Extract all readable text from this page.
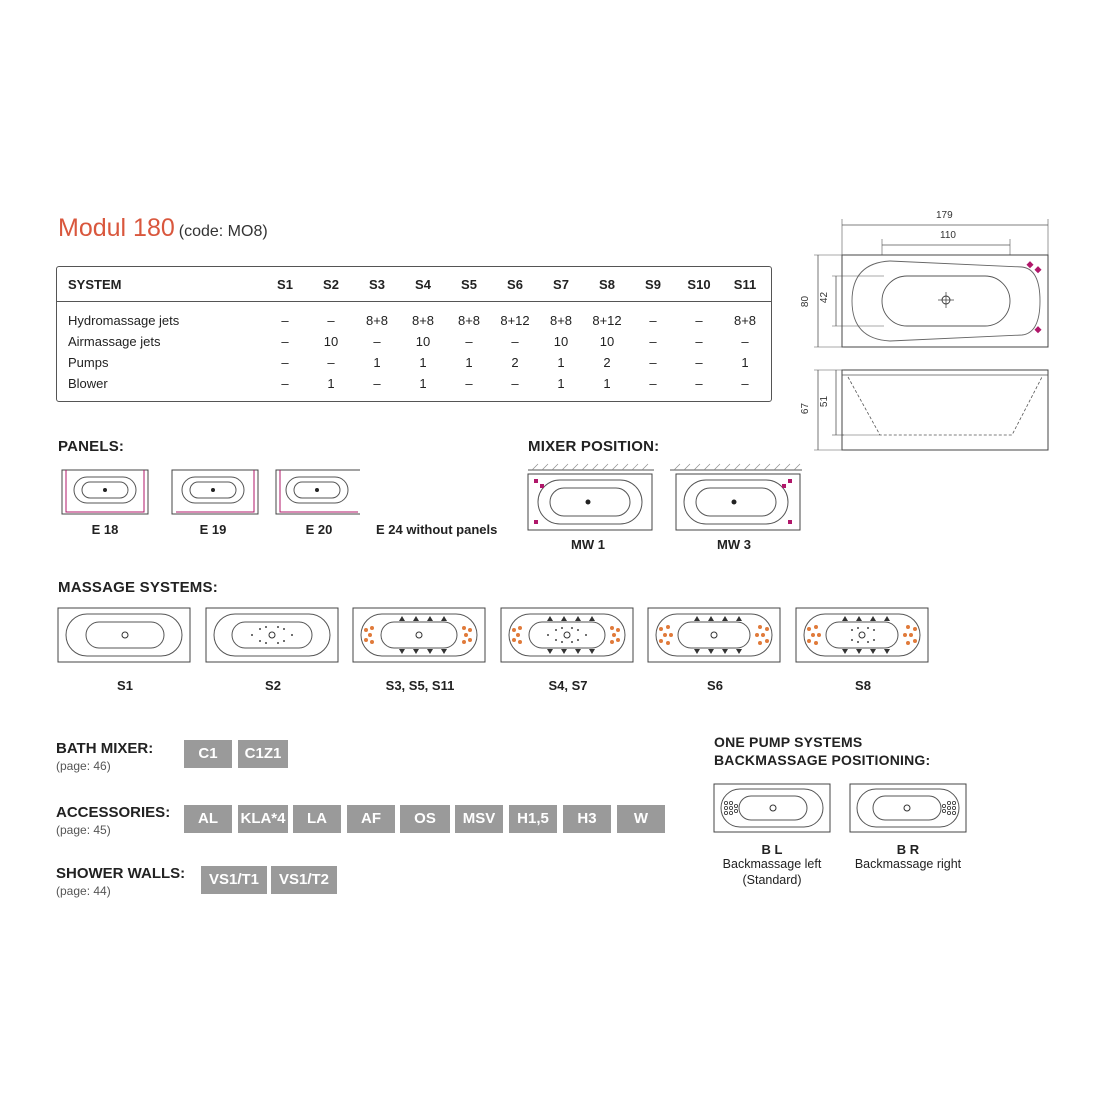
Modul 180 (code: MO8)
SYSTEM	S1	S2	S3	S4	S5	S6	S7	S8	S9	S10	S11
Hydromassage jets	–	–	8+8	8+8	8+8	8+12	8+8	8+12	–	–	8+8
Airmassage jets	–	10	–	10	–	–	10	10	–	–	–
Pumps	–	–	1	1	1	2	1	2	–	–	1
Blower	–	1	–	1	–	–	1	1	–	–	–
179
110
80 42
67
51
PANELS:
E 18	E 19	E 20	E 24 without panels
MIXER POSITION:
MW 1	MW 3
MASSAGE SYSTEMS:
S1	S2	S3, S5, S11	S4, S7	S6	S8
BATH MIXER:
(page: 46)
C1	C1Z1
ACCESSORIES:
(page: 45)
AL	KLA*4	LA	AF	OS	MSV	H1,5	H3	W
SHOWER WALLS:
(page: 44)
VS1/T1	VS1/T2
ONE PUMP SYSTEMS
BACKMASSAGE POSITIONING:
B L
Backmassage left
(Standard)
B R
Backmassage right
